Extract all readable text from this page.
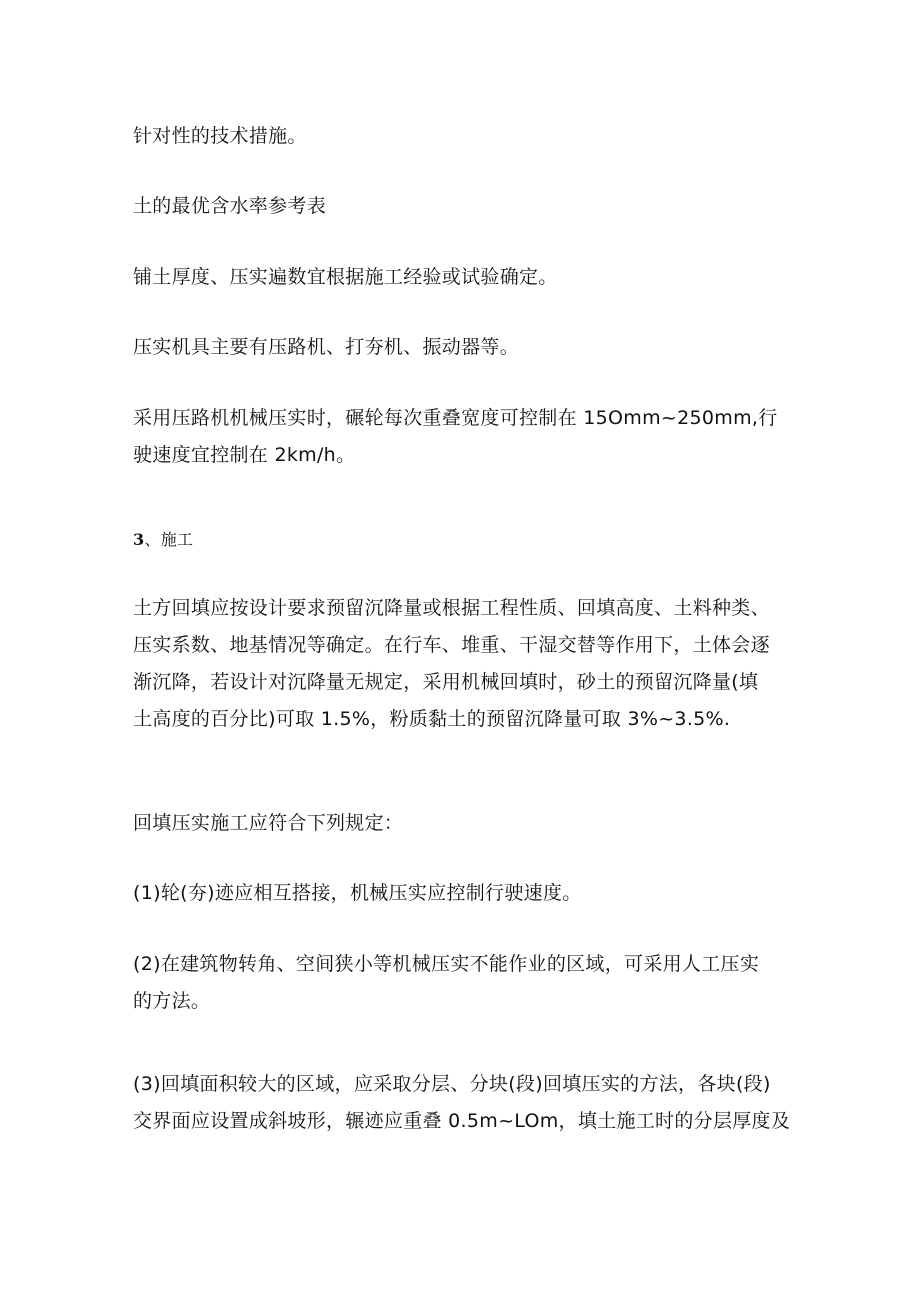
针对性的技术措施。
土的最优含水率参考表
铺土厚度、压实遍数宜根据施工经验或试验确定。
压实机具主要有压路机、打夯机、振动器等。
采用压路机机械压实时，碾轮每次重叠宽度可控制在 15Omm~250mm,行
驶速度宜控制在 2km/h。
3、施工
土方回填应按设计要求预留沉降量或根据工程性质、回填高度、土料种类、
压实系数、地基情况等确定。在行车、堆重、干湿交替等作用下，土体会逐
渐沉降，若设计对沉降量无规定，采用机械回填时，砂土的预留沉降量(填
土高度的百分比)可取 1.5%，粉质黏土的预留沉降量可取 3%~3.5%.
回填压实施工应符合下列规定：
(1)轮(夯)迹应相互搭接，机械压实应控制行驶速度。
(2)在建筑物转角、空间狭小等机械压实不能作业的区域，可采用人工压实
的方法。
(3)回填面积较大的区域，应采取分层、分块(段)回填压实的方法，各块(段)
交界面应设置成斜坡形，辗迹应重叠 0.5m~LOm，填土施工时的分层厚度及
